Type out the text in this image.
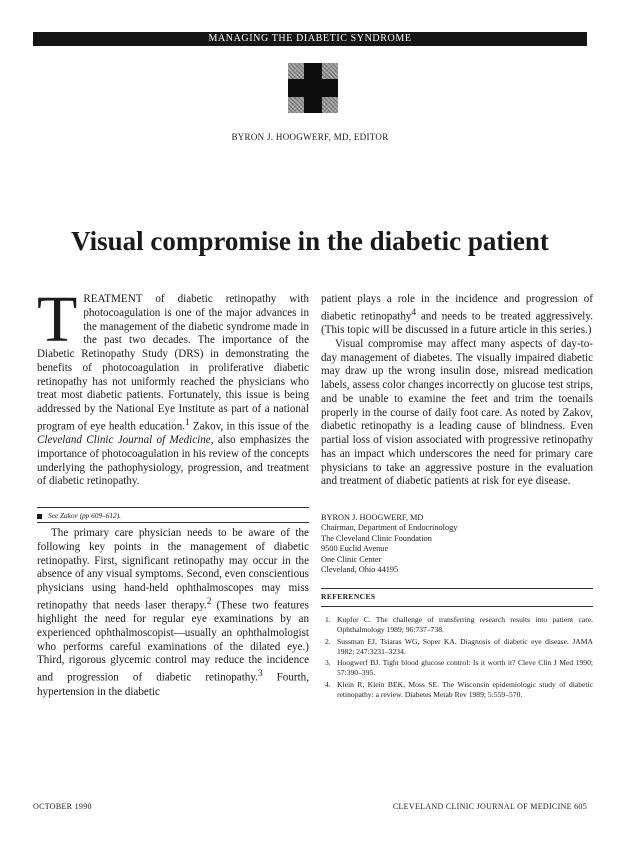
MANAGING THE DIABETIC SYNDROME
BYRON J. HOOGWERF, MD, EDITOR
Visual compromise in the diabetic patient

TREATMENT of diabetic retinopathy with photocoagulation is one of the major advances in the management of the diabetic syndrome made in the past two decades. The importance of the Diabetic Retinopathy Study (DRS) in demonstrating the benefits of photocoagulation in proliferative diabetic retinopathy has not uniformly reached the physicians who treat most diabetic patients. Fortunately, this issue is being addressed by the National Eye Institute as part of a national program of eye health education.$^1$ Zakov, in this issue of the Cleveland Clinic Journal of Medicine, also emphasizes the importance of photocoagulation in his review of the concepts underlying the pathophysiology, progression, and treatment of diabetic retinopathy.

See Zakov (pp 609–612).

The primary care physician needs to be aware of the following key points in the management of diabetic retinopathy. First, significant retinopathy may occur in the absence of any visual symptoms. Second, even conscientious physicians using hand-held ophthalmoscopes may miss retinopathy that needs laser therapy.$^2$ (These two features highlight the need for regular eye examinations by an experienced ophthalmoscopist—usually an ophthalmologist who performs careful examinations of the dilated eye.) Third, rigorous glycemic control may reduce the incidence and progression of diabetic retinopathy.$^3$ Fourth, hypertension in the diabetic

patient plays a role in the incidence and progression of diabetic retinopathy$^4$ and needs to be treated aggressively. (This topic will be discussed in a future article in this series.)

Visual compromise may affect many aspects of day-to-day management of diabetes. The visually impaired diabetic may draw up the wrong insulin dose, misread medication labels, assess color changes incorrectly on glucose test strips, and be unable to examine the feet and trim the toenails properly in the course of daily foot care. As noted by Zakov, diabetic retinopathy is a leading cause of blindness. Even partial loss of vision associated with progressive retinopathy has an impact which underscores the need for primary care physicians to take an aggressive posture in the evaluation and treatment of diabetic patients at risk for eye disease.

BYRON J. HOOGWERF, MD
Chairman, Department of Endocrinology
The Cleveland Clinic Foundation
9500 Euclid Avenue
One Clinic Center
Cleveland, Ohio 44195
REFERENCES
1. Kupfer C. The challenge of transferring research results into patient care. Ophthalmology 1989; 96:737–738.
2. Sussman EJ, Tsiaras WG, Soper KA. Diagnosis of diabetic eye disease. JAMA 1982; 247:3231–3234.
3. Hoogwerf BJ. Tight blood glucose control: Is it worth it? Cleve Clin J Med 1990; 57:390–395.
4. Klein R, Klein BEK, Moss SE. The Wisconsin epidemiologic study of diabetic retinopathy: a review. Diabetes Metab Rev 1989; 5:559–570.
OCTOBER 1990	CLEVELAND CLINIC JOURNAL OF MEDICINE 605
